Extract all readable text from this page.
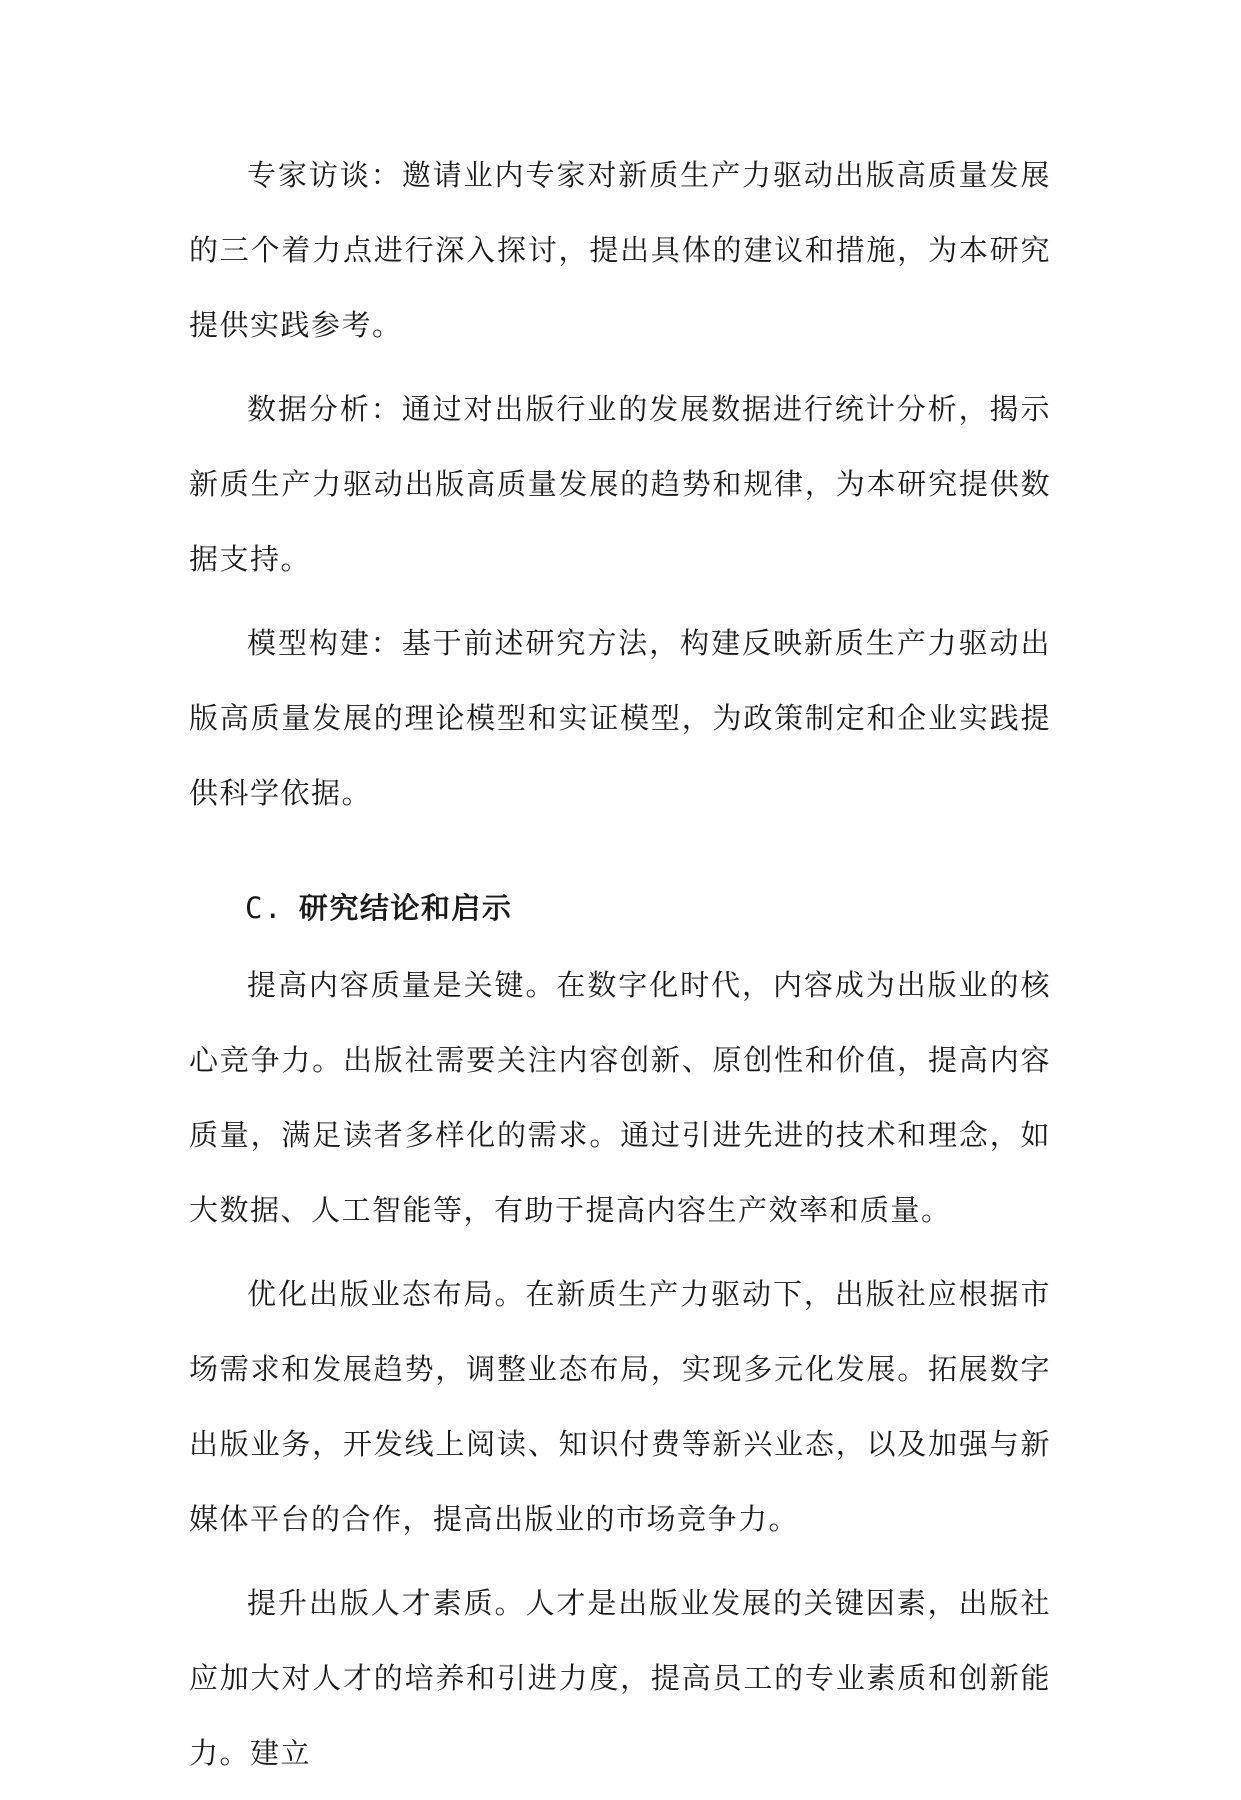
专家访谈：邀请业内专家对新质生产力驱动出版高质量发展的三个着力点进行深入探讨，提出具体的建议和措施，为本研究提供实践参考。

数据分析：通过对出版行业的发展数据进行统计分析，揭示新质生产力驱动出版高质量发展的趋势和规律，为本研究提供数据支持。

模型构建：基于前述研究方法，构建反映新质生产力驱动出版高质量发展的理论模型和实证模型，为政策制定和企业实践提供科学依据。

C. 研究结论和启示

提高内容质量是关键。在数字化时代，内容成为出版业的核心竞争力。出版社需要关注内容创新、原创性和价值，提高内容质量，满足读者多样化的需求。通过引进先进的技术和理念，如大数据、人工智能等，有助于提高内容生产效率和质量。

优化出版业态布局。在新质生产力驱动下，出版社应根据市场需求和发展趋势，调整业态布局，实现多元化发展。拓展数字出版业务，开发线上阅读、知识付费等新兴业态，以及加强与新媒体平台的合作，提高出版业的市场竞争力。

提升出版人才素质。人才是出版业发展的关键因素，出版社应加大对人才的培养和引进力度，提高员工的专业素质和创新能力。建立
